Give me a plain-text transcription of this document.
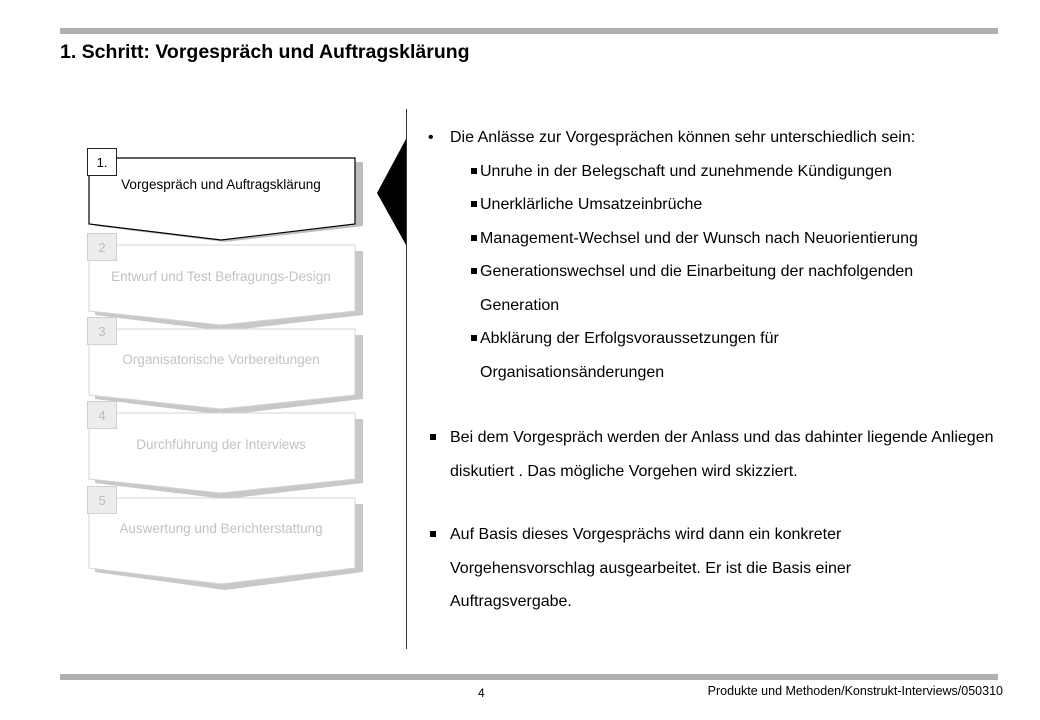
1. Schritt: Vorgespräch und Auftragsklärung
1.
Vorgespräch und Auftragsklärung
2
Entwurf und Test Befragungs-Design
3
Organisatorische Vorbereitungen
4
Durchführung der Interviews
5
Auswertung und Berichterstattung
•	Die Anlässe zur Vorgesprächen können sehr unterschiedlich sein:
Unruhe in der Belegschaft und zunehmende Kündigungen
Unerklärliche Umsatzeinbrüche
Management-Wechsel und der Wunsch nach Neuorientierung
Generationswechsel und die Einarbeitung der nachfolgenden Generation
Abklärung der Erfolgsvoraussetzungen für Organisationsänderungen
Bei dem Vorgespräch werden der Anlass und das dahinter liegende Anliegen diskutiert . Das mögliche Vorgehen wird skizziert.
Auf Basis dieses Vorgesprächs wird dann ein konkreter Vorgehensvorschlag ausgearbeitet. Er ist die Basis einer Auftragsvergabe.
4	Produkte und Methoden/Konstrukt-Interviews/050310
